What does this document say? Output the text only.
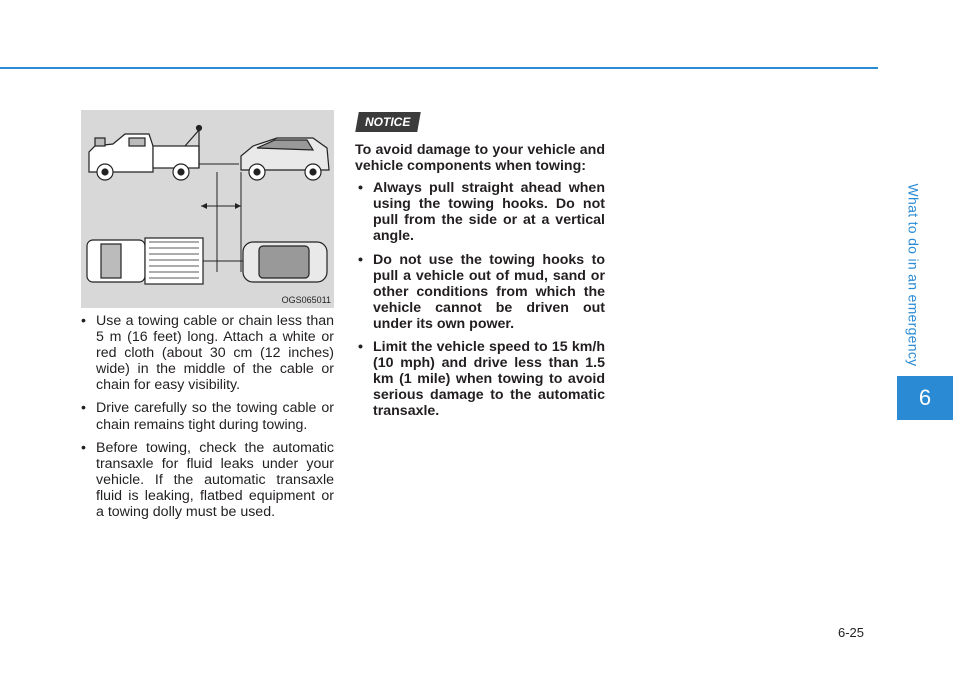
What to do in an emergency
6
OGS065011
• Use a towing cable or chain less than 5 m (16 feet) long. Attach a white or red cloth (about 30 cm (12 inches) wide) in the middle of the cable or chain for easy visibility.
• Drive carefully so the towing cable or chain remains tight during towing.
• Before towing, check the automatic transaxle for fluid leaks under your vehicle. If the automatic transaxle fluid is leaking, flatbed equipment or a towing dolly must be used.
NOTICE

To avoid damage to your vehicle and vehicle components when towing:

• Always pull straight ahead when using the towing hooks. Do not pull from the side or at a vertical angle.
• Do not use the towing hooks to pull a vehicle out of mud, sand or other conditions from which the vehicle cannot be driven out under its own power.
• Limit the vehicle speed to 15 km/h (10 mph) and drive less than 1.5 km (1 mile) when towing to avoid serious damage to the automatic transaxle.
6-25
